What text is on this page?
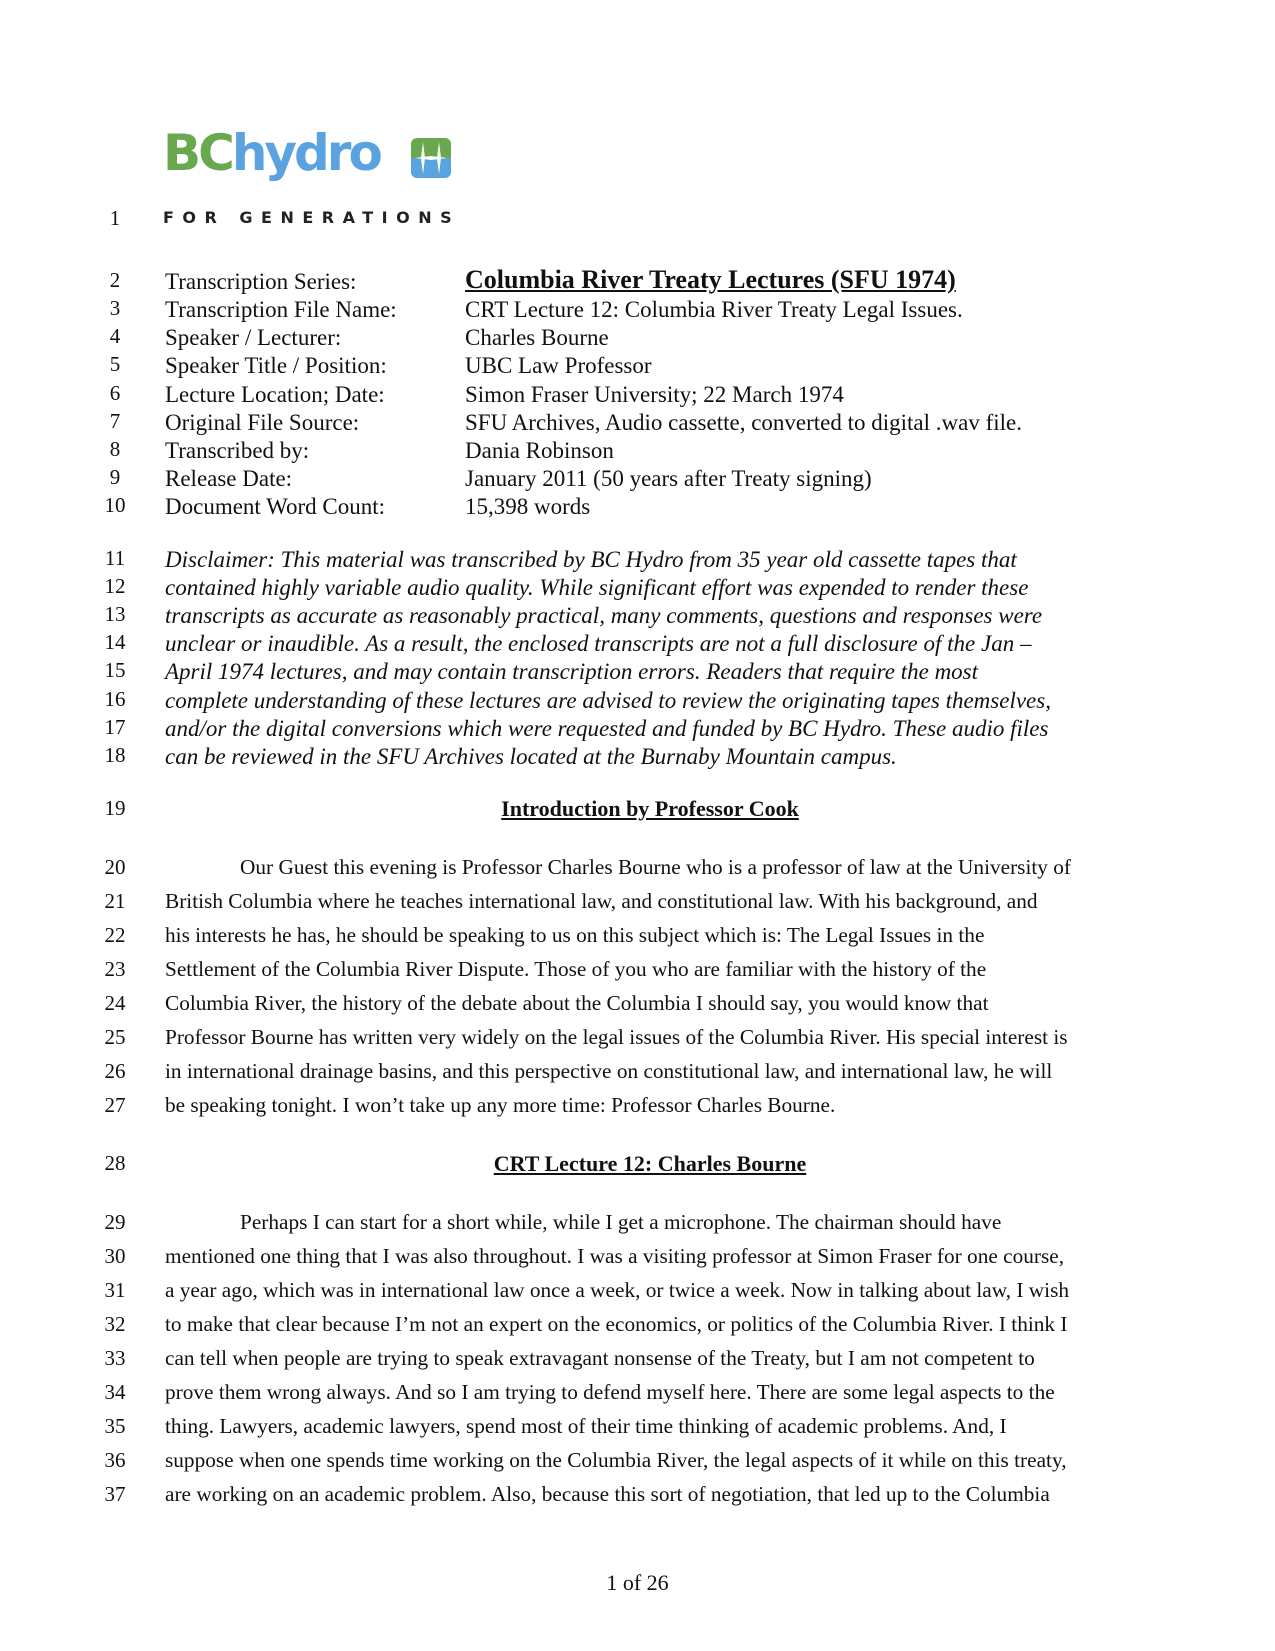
BChydro
FOR GENERATIONS
1
2
3
4
5
6
7
8
9
10
11
12
13
14
15
16
17
18
19
20
21
22
23
24
25
26
27
28
29
30
31
32
33
34
35
36
37
Transcription Series:	Columbia River Treaty Lectures (SFU 1974)
Transcription File Name:	CRT Lecture 12: Columbia River Treaty Legal Issues.
Speaker / Lecturer:	Charles Bourne
Speaker Title / Position:	UBC Law Professor
Lecture Location; Date:	Simon Fraser University; 22 March 1974
Original File Source:	SFU Archives, Audio cassette, converted to digital .wav file.
Transcribed by:	Dania Robinson
Release Date:	January 2011 (50 years after Treaty signing)
Document Word Count:	15,398 words
Disclaimer: This material was transcribed by BC Hydro from 35 year old cassette tapes that
contained highly variable audio quality. While significant effort was expended to render these
transcripts as accurate as reasonably practical, many comments, questions and responses were
unclear or inaudible. As a result, the enclosed transcripts are not a full disclosure of the Jan –
April 1974 lectures, and may contain transcription errors. Readers that require the most
complete understanding of these lectures are advised to review the originating tapes themselves,
and/or the digital conversions which were requested and funded by BC Hydro. These audio files
can be reviewed in the SFU Archives located at the Burnaby Mountain campus.
Introduction by Professor Cook
Our Guest this evening is Professor Charles Bourne who is a professor of law at the University of
British Columbia where he teaches international law, and constitutional law. With his background, and
his interests he has, he should be speaking to us on this subject which is: The Legal Issues in the
Settlement of the Columbia River Dispute. Those of you who are familiar with the history of the
Columbia River, the history of the debate about the Columbia I should say, you would know that
Professor Bourne has written very widely on the legal issues of the Columbia River. His special interest is
in international drainage basins, and this perspective on constitutional law, and international law, he will
be speaking tonight. I won’t take up any more time: Professor Charles Bourne.
CRT Lecture 12: Charles Bourne
Perhaps I can start for a short while, while I get a microphone. The chairman should have
mentioned one thing that I was also throughout. I was a visiting professor at Simon Fraser for one course,
a year ago, which was in international law once a week, or twice a week. Now in talking about law, I wish
to make that clear because I’m not an expert on the economics, or politics of the Columbia River. I think I
can tell when people are trying to speak extravagant nonsense of the Treaty, but I am not competent to
prove them wrong always. And so I am trying to defend myself here. There are some legal aspects to the
thing. Lawyers, academic lawyers, spend most of their time thinking of academic problems. And, I
suppose when one spends time working on the Columbia River, the legal aspects of it while on this treaty,
are working on an academic problem. Also, because this sort of negotiation, that led up to the Columbia
1 of 26
